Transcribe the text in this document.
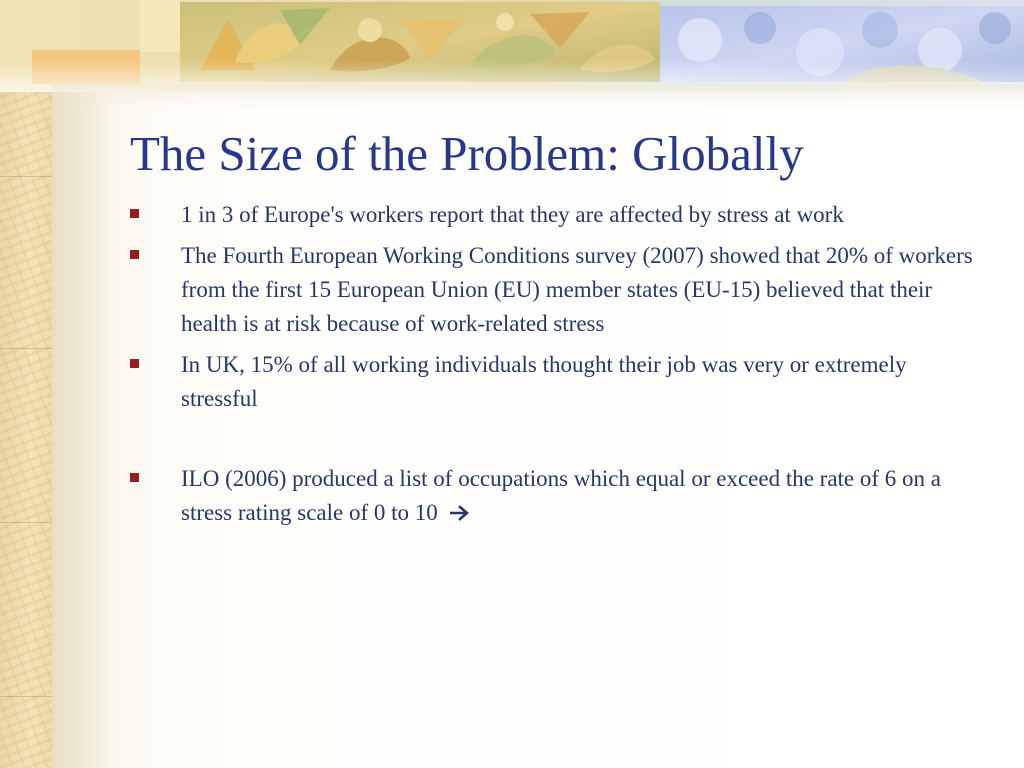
The Size of the Problem: Globally
1 in 3 of Europe's workers report that they are affected by stress at work
The Fourth European Working Conditions survey (2007) showed that 20% of workers from the first 15 European Union (EU) member states (EU-15) believed that their health is at risk because of work-related stress
In UK, 15% of all working individuals thought their job was very or extremely stressful
ILO (2006) produced a list of occupations which equal or exceed the rate of 6 on a stress rating scale of 0 to 10
